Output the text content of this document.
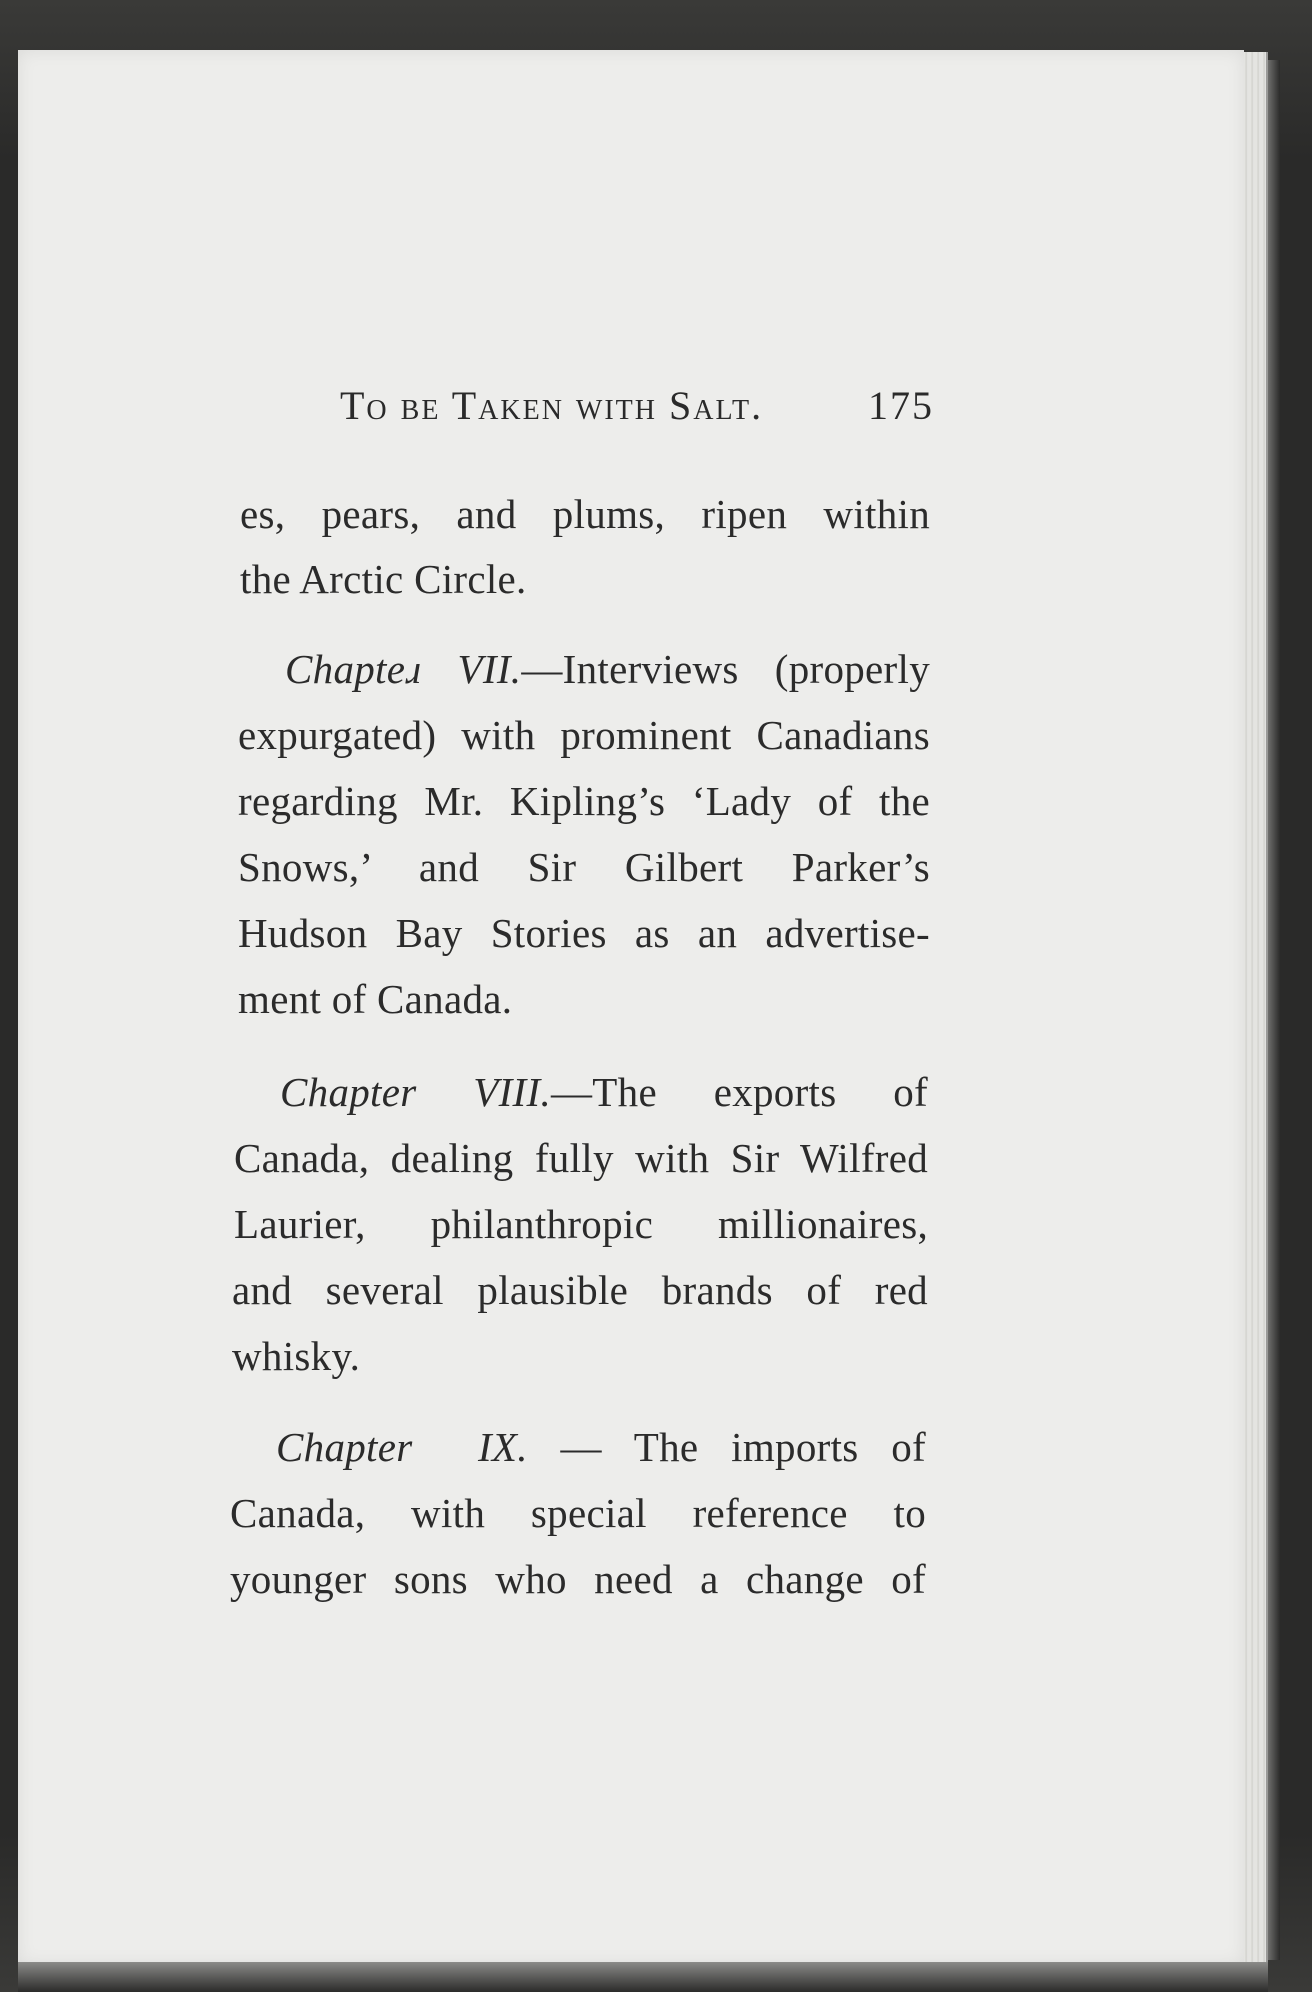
To be Taken with Salt.	175
es, pears, and plums, ripen within
the Arctic Circle.
Chapteɹ VII.—Interviews (properly
expurgated) with prominent Canadians
regarding Mr. Kipling’s ‘Lady of the
Snows,’ and Sir Gilbert Parker’s
Hudson Bay Stories as an advertise-
ment of Canada.
Chapter VIII.—The exports of
Canada, dealing fully with Sir Wilfred
Laurier, philanthropic millionaires,
and several plausible brands of red
whisky.
Chapter IX. — The imports of
Canada, with special reference to
younger sons who need a change of
